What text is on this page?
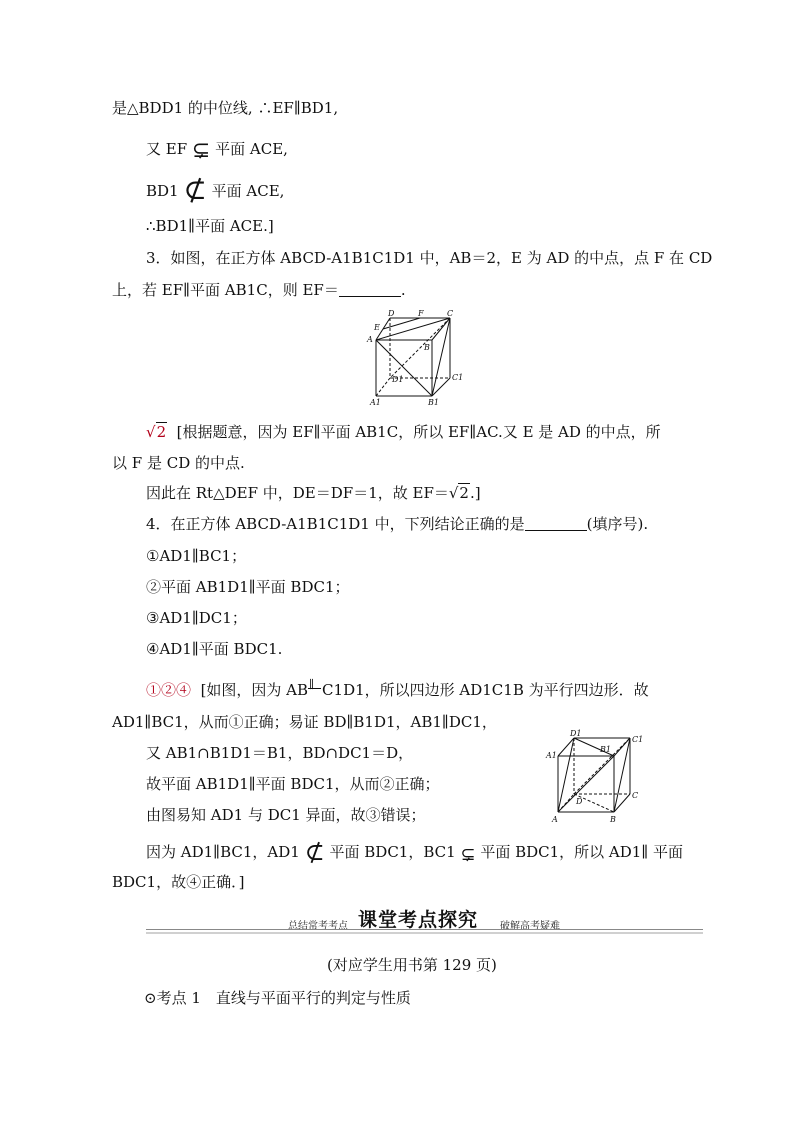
是△BDD1 的中位线, ∴EF∥BD1,
又 EF ⊊ 平面 ACE,
BD1 ⊄ 平面 ACE,
∴BD1∥平面 ACE.]
3．如图，在正方体 ABCD-A1B1C1D1 中，AB＝2，E 为 AD 的中点，点 F 在 CD
上，若 EF∥平面 AB1C，则 EF＝	.
D	F	C
E
A
B
D1	C1
A1	B1
√2 [根据题意，因为 EF∥平面 AB1C，所以 EF∥AC.又 E 是 AD 的中点，所
以 F 是 CD 的中点.
因此在 Rt△DEF 中，DE＝DF＝1，故 EF＝√2.]
4．在正方体 ABCD-A1B1C1D1 中，下列结论正确的是	(填序号).
①AD1∥BC1；
②平面 AB1D1∥平面 BDC1；
③AD1∥DC1；
④AD1∥平面 BDC1.
①②④ [如图，因为 AB ∥ C1D1，所以四边形 AD1C1B 为平行四边形．故
AD1∥BC1，从而①正确；易证 BD∥B1D1，AB1∥DC1，
又 AB1∩B1D1＝B1，BD∩DC1＝D，
故平面 AB1D1∥平面 BDC1，从而②正确；
由图易知 AD1 与 DC1 异面，故③错误；
因为 AD1∥BC1，AD1 ⊄ 平面 BDC1，BC1 ⊊ 平面 BDC1，所以 AD1∥ 平面
BDC1，故④正确．]
D1
C1
A1
B1
D
C
A	B
总结常考考点 课堂考点探究 破解高考疑难
(对应学生用书第 129 页)
⊙考点 1　直线与平面平行的判定与性质
